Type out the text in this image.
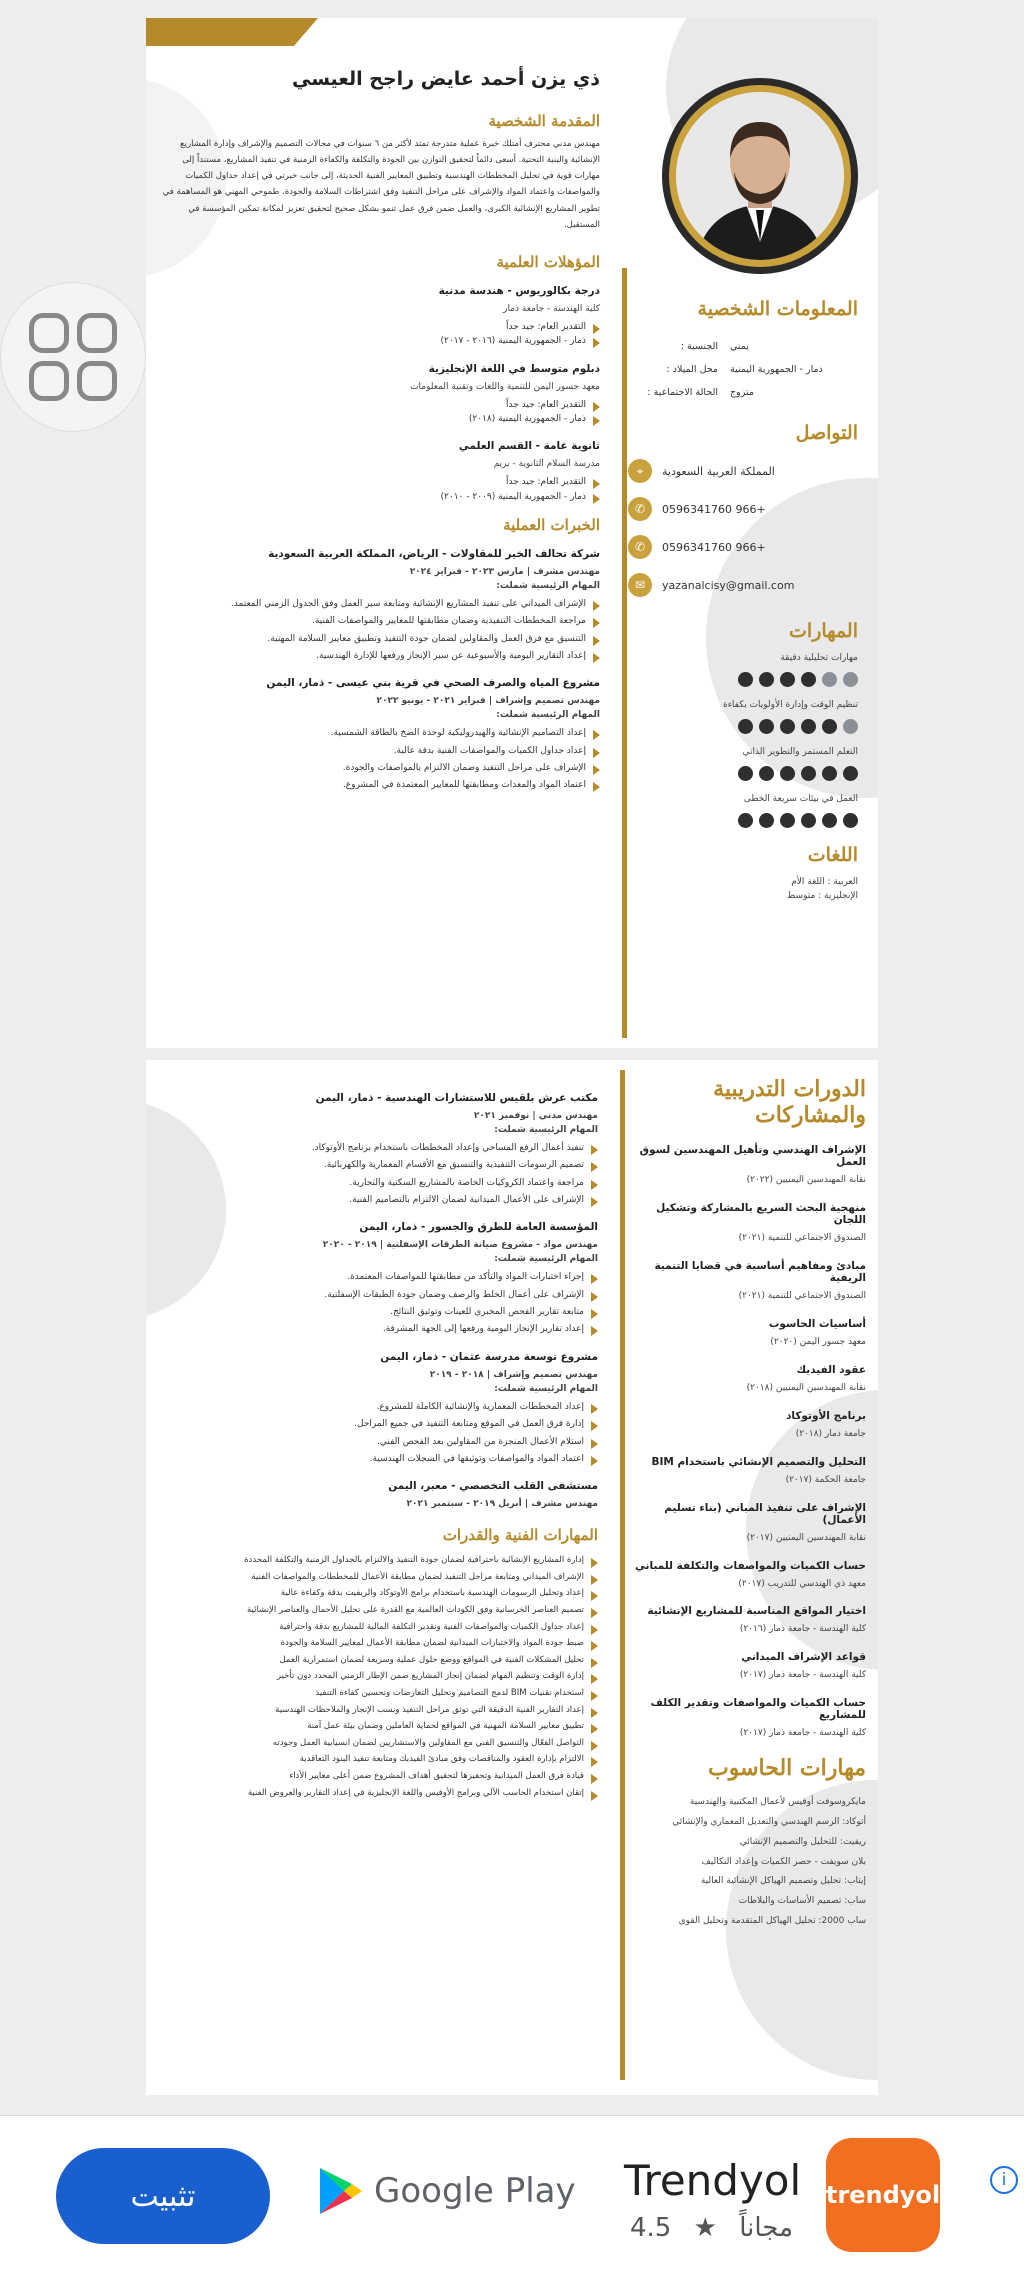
ذي يزن أحمد عايض راجح العيسي
المقدمة الشخصية
مهندس مدني محترف أمتلك خبرة عملية متدرجة تمتد لأكثر من ٦ سنوات في مجالات التصميم والإشراف وإدارة المشاريع الإنشائية والبنية التحتية. أسعى دائماً لتحقيق التوازن بين الجودة والتكلفة والكفاءة الزمنية في تنفيذ المشاريع، مستنداً إلى مهارات قوية في تحليل المخططات الهندسية وتطبيق المعايير الفنية الحديثة، إلى جانب خبرتي في إعداد جداول الكميات والمواصفات واعتماد المواد والإشراف على مراحل التنفيذ وفق اشتراطات السلامة والجودة. طموحي المهني هو المساهمة في تطوير المشاريع الإنشائية الكبرى، والعمل ضمن فرق عمل تنمو بشكل صحيح لتحقيق تعزيز لمكانة تمكين المؤسسة في المستقبل.
المؤهلات العلمية
درجة بكالوريوس - هندسة مدنية
كلية الهندسة - جامعة ذمار
التقدير العام: جيد جداً
ذمار - الجمهورية اليمنية (٢٠١٦ - ٢٠١٧)
دبلوم متوسط في اللغة الإنجليزية
معهد جسور اليمن للتنمية واللغات وتقنية المعلومات
التقدير العام: جيد جداً
ذمار - الجمهورية اليمنية (٢٠١٨)
ثانوية عامة - القسم العلمي
مدرسة السلام الثانوية - يريم
التقدير العام: جيد جداً
ذمار - الجمهورية اليمنية (٢٠٠٩ - ٢٠١٠)
الخبرات العملية
شركة تحالف الخير للمقاولات - الرياض، المملكة العربية السعودية
مهندس مشرف | مارس ٢٠٢٣ - فبراير ٢٠٢٤
المهام الرئيسية شملت:
الإشراف الميداني على تنفيذ المشاريع الإنشائية ومتابعة سير العمل وفق الجدول الزمني المعتمد.
مراجعة المخططات التنفيذية وضمان مطابقتها للمعايير والمواصفات الفنية.
التنسيق مع فرق العمل والمقاولين لضمان جودة التنفيذ وتطبيق معايير السلامة المهنية.
إعداد التقارير اليومية والأسبوعية عن سير الإنجاز ورفعها للإدارة الهندسية.
مشروع المياه والصرف الصحي في قرية بني عيسى - ذمار، اليمن
مهندس تصميم وإشراف | فبراير ٢٠٢١ - يونيو ٢٠٢٢
المهام الرئيسية شملت:
إعداد التصاميم الإنشائية والهيدروليكية لوحدة الضخ بالطاقة الشمسية.
إعداد جداول الكميات والمواصفات الفنية بدقة عالية.
الإشراف على مراحل التنفيذ وضمان الالتزام بالمواصفات والجودة.
اعتماد المواد والمعدات ومطابقتها للمعايير المعتمدة في المشروع.
المعلومات الشخصية
يمني
الجنسية :
ذمار - الجمهورية اليمنية
محل الميلاد :
متزوج
الحالة الاجتماعية :
التواصل
المملكة العربية السعودية
⌖
+966 0596341760
✆
+966 0596341760
✆
yazanalcisy@gmail.com
✉
المهارات
مهارات تحليلية دقيقة
تنظيم الوقت وإدارة الأولويات بكفاءة
التعلم المستمر والتطوير الذاتي
العمل في بيئات سريعة الخطى
اللغات
العربية : اللغة الأم
الإنجليزية : متوسط
مكتب عرش بلقيس للاستشارات الهندسية - ذمار، اليمن
مهندس مدني | نوفمبر ٢٠٢١
المهام الرئيسية شملت:
تنفيذ أعمال الرفع المساحي وإعداد المخططات باستخدام برنامج الأوتوكاد.
تصميم الرسومات التنفيذية والتنسيق مع الأقسام المعمارية والكهربائية.
مراجعة واعتماد الكروكيات الخاصة بالمشاريع السكنية والتجارية.
الإشراف على الأعمال الميدانية لضمان الالتزام بالتصاميم الفنية.
المؤسسة العامة للطرق والجسور - ذمار، اليمن
مهندس مواد - مشروع صيانة الطرقات الإسفلتية | ٢٠١٩ - ٢٠٢٠
المهام الرئيسية شملت:
إجراء اختبارات المواد والتأكد من مطابقتها للمواصفات المعتمدة.
الإشراف على أعمال الخلط والرصف وضمان جودة الطبقات الإسفلتية.
متابعة تقارير الفحص المخبري للعينات وتوثيق النتائج.
إعداد تقارير الإنجاز اليومية ورفعها إلى الجهة المشرفة.
مشروع توسعة مدرسة عثمان - ذمار، اليمن
مهندس تصميم وإشراف | ٢٠١٨ - ٢٠١٩
المهام الرئيسية شملت:
إعداد المخططات المعمارية والإنشائية الكاملة للمشروع.
إدارة فرق العمل في الموقع ومتابعة التنفيذ في جميع المراحل.
استلام الأعمال المنجزة من المقاولين بعد الفحص الفني.
اعتماد المواد والمواصفات وتوثيقها في السجلات الهندسية.
مستشفى القلب التخصصي - معبر، اليمن
مهندس مشرف | أبريل ٢٠١٩ - سبتمبر ٢٠٢١
المهارات الفنية والقدرات
إدارة المشاريع الإنشائية باحترافية لضمان جودة التنفيذ والالتزام بالجداول الزمنية والتكلفة المحددة
الإشراف الميداني ومتابعة مراحل التنفيذ لضمان مطابقة الأعمال للمخططات والمواصفات الفنية
إعداد وتحليل الرسومات الهندسية باستخدام برامج الأوتوكاد والريفيت بدقة وكفاءة عالية
تصميم العناصر الخرسانية وفق الكودات العالمية مع القدرة على تحليل الأحمال والعناصر الإنشائية
إعداد جداول الكميات والمواصفات الفنية وتقدير التكلفة المالية للمشاريع بدقة واحترافية
ضبط جودة المواد والاختبارات الميدانية لضمان مطابقة الأعمال لمعايير السلامة والجودة
تحليل المشكلات الفنية في المواقع ووضع حلول عملية وسريعة لضمان استمرارية العمل
إدارة الوقت وتنظيم المهام لضمان إنجاز المشاريع ضمن الإطار الزمني المحدد دون تأخير
استخدام تقنيات BIM لدمج التصاميم وتحليل التعارضات وتحسين كفاءة التنفيذ
إعداد التقارير الفنية الدقيقة التي توثق مراحل التنفيذ ونسب الإنجاز والملاحظات الهندسية
تطبيق معايير السلامة المهنية في المواقع لحماية العاملين وضمان بيئة عمل آمنة
التواصل الفعّال والتنسيق الفني مع المقاولين والاستشاريين لضمان انسيابية العمل وجودته
الالتزام بإدارة العقود والمناقصات وفق مبادئ الفيديك ومتابعة تنفيذ البنود التعاقدية
قيادة فرق العمل الميدانية وتحفيزها لتحقيق أهداف المشروع ضمن أعلى معايير الأداء
إتقان استخدام الحاسب الآلي وبرامج الأوفيس واللغة الإنجليزية في إعداد التقارير والعروض الفنية
الدورات التدريبية والمشاركات
الإشراف الهندسي وتأهيل المهندسين لسوق العمل
نقابة المهندسين اليمنيين (٢٠٢٢)
منهجية البحث السريع بالمشاركة وتشكيل اللجان
الصندوق الاجتماعي للتنمية (٢٠٢١)
مبادئ ومفاهيم أساسية في قضايا التنمية الريفية
الصندوق الاجتماعي للتنمية (٢٠٢١)
أساسيات الحاسوب
معهد جسور اليمن (٢٠٢٠)
عقود الفيديك
نقابة المهندسين اليمنيين (٢٠١٨)
برنامج الأوتوكاد
جامعة ذمار (٢٠١٨)
التحليل والتصميم الإنشائي باستخدام BIM
جامعة الحكمة (٢٠١٧)
الإشراف على تنفيذ المباني (بناء تسليم الأعمال)
نقابة المهندسين اليمنيين (٢٠١٧)
حساب الكميات والمواصفات والتكلفة للمباني
معهد ذي الهندسي للتدريب (٢٠١٧)
اختيار المواقع المناسبة للمشاريع الإنشائية
كلية الهندسة - جامعة ذمار (٢٠١٦)
قواعد الإشراف الميداني
كلية الهندسة - جامعة ذمار (٢٠١٧)
حساب الكميات والمواصفات وتقدير الكلف للمشاريع
كلية الهندسة - جامعة ذمار (٢٠١٧)
مهارات الحاسوب
مايكروسوفت أوفيس لأعمال المكتبية والهندسية
أتوكاد: الرسم الهندسي والتعديل المعماري والإنشائي
ريفيت: للتحليل والتصميم الإنشائي
بلان سويفت - حصر الكميات وإعداد التكاليف
إيتاب: تحليل وتصميم الهياكل الإنشائية العالية
ساب: تصميم الأساسات والبلاطات
ساب 2000: تحليل الهياكل المتقدمة وتحليل القوى
تثبيت	Google Play Trendyol
مجاناً ★ 4.5
trendyol
i
